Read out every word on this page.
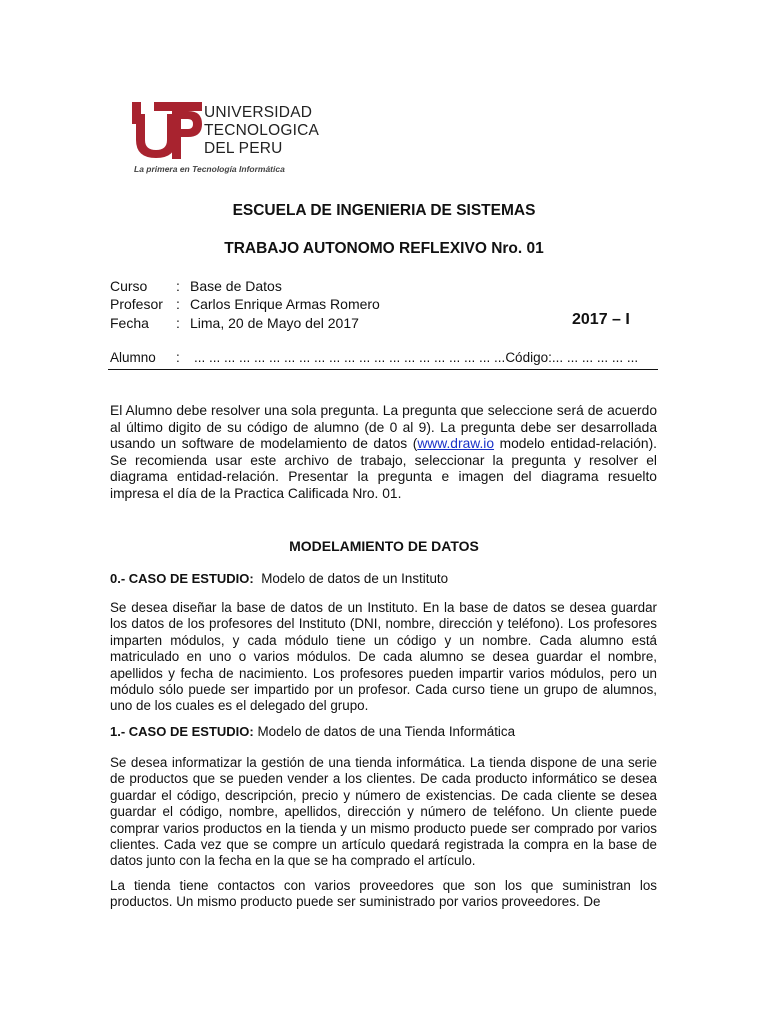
UNIVERSIDAD
TECNOLOGICA
DEL PERU
La primera en Tecnología Informática
ESCUELA DE INGENIERIA DE SISTEMAS
TRABAJO AUTONOMO REFLEXIVO Nro. 01
Curso : Base de Datos
Profesor : Carlos Enrique Armas Romero
Fecha : Lima, 20 de Mayo del 2017	2017 – I
Alumno : ... ... ... ... ... ... ... ... ... ... ... ... ... ... ... ... ... ... ... ... ...Código:... ... ... ... ... ...
El Alumno debe resolver una sola pregunta. La pregunta que seleccione será de acuerdo al último digito de su código de alumno (de 0 al 9). La pregunta debe ser desarrollada usando un software de modelamiento de datos (www.draw.io modelo entidad-relación). Se recomienda usar este archivo de trabajo, seleccionar la pregunta y resolver el diagrama entidad-relación. Presentar la pregunta e imagen del diagrama resuelto impresa el día de la Practica Calificada Nro. 01.
MODELAMIENTO DE DATOS
0.- CASO DE ESTUDIO: Modelo de datos de un Instituto
Se desea diseñar la base de datos de un Instituto. En la base de datos se desea guardar los datos de los profesores del Instituto (DNI, nombre, dirección y teléfono). Los profesores imparten módulos, y cada módulo tiene un código y un nombre. Cada alumno está matriculado en uno o varios módulos. De cada alumno se desea guardar el nombre, apellidos y fecha de nacimiento. Los profesores pueden impartir varios módulos, pero un módulo sólo puede ser impartido por un profesor. Cada curso tiene un grupo de alumnos, uno de los cuales es el delegado del grupo.
1.- CASO DE ESTUDIO: Modelo de datos de una Tienda Informática
Se desea informatizar la gestión de una tienda informática. La tienda dispone de una serie de productos que se pueden vender a los clientes. De cada producto informático se desea guardar el código, descripción, precio y número de existencias. De cada cliente se desea guardar el código, nombre, apellidos, dirección y número de teléfono. Un cliente puede comprar varios productos en la tienda y un mismo producto puede ser comprado por varios clientes. Cada vez que se compre un artículo quedará registrada la compra en la base de datos junto con la fecha en la que se ha comprado el artículo.
La tienda tiene contactos con varios proveedores que son los que suministran los productos. Un mismo producto puede ser suministrado por varios proveedores. De
